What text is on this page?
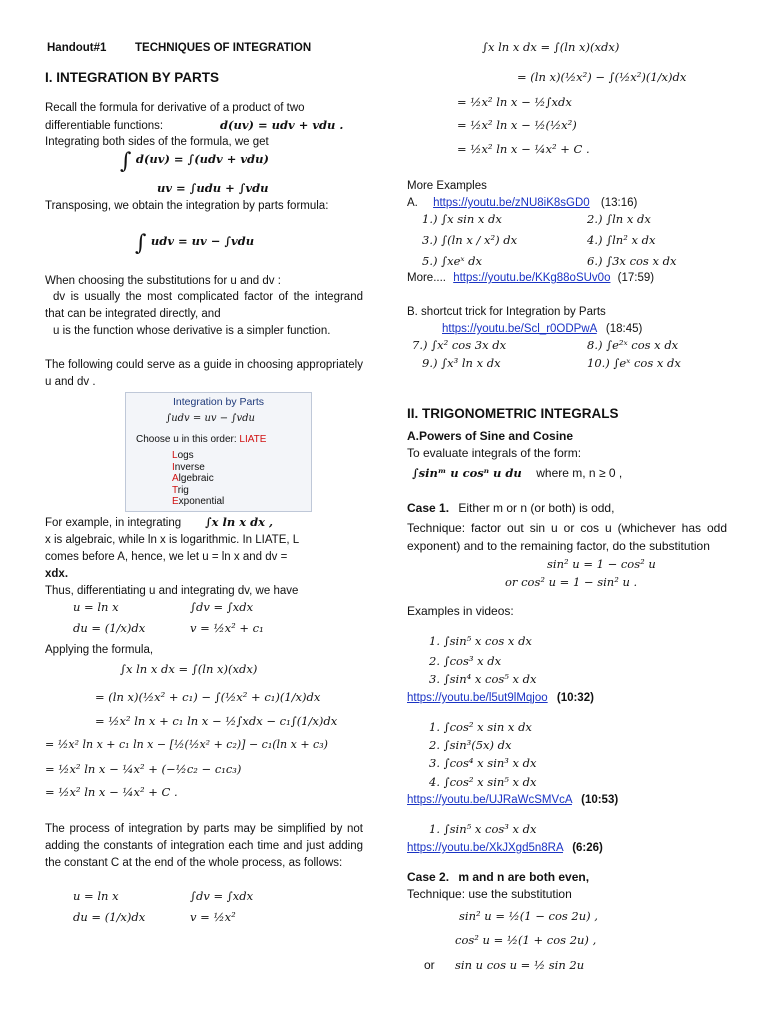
Handout#1 TECHNIQUES OF INTEGRATION
I. INTEGRATION BY PARTS
Recall the formula for derivative of a product of two
differentiable functions:	d(uv) = udv + vdu .
Integrating both sides of the formula, we get
∫ d(uv) = ∫(udv + vdu)
uv = ∫udu + ∫vdu
Transposing, we obtain the integration by parts formula:
∫ udv = uv − ∫vdu
When choosing the substitutions for u and dv :
dv is usually the most complicated factor of the integrand that can be integrated directly, and
u is the function whose derivative is a simpler function.
The following could serve as a guide in choosing appropriately u and dv .
Integration by Parts
∫udv = uv − ∫vdu
Choose u in this order: LIATE
Logs
Inverse
Algebraic
Trig
Exponential
For example, in integrating ∫x ln x dx ,
x is algebraic, while ln x is logarithmic. In LIATE, L
comes before A, hence, we let u = ln x and dv =
xdx.
Thus, differentiating u and integrating dv, we have
u = ln x	∫dv = ∫xdx
du = (1/x)dx	v = ½x² + c₁
Applying the formula,
∫x ln x dx = ∫(ln x)(xdx)
= (ln x)(½x² + c₁) − ∫(½x² + c₁)(1/x)dx
= ½x² ln x + c₁ ln x − ½∫xdx − c₁∫(1/x)dx
= ½x² ln x + c₁ ln x − [½(½x² + c₂)] − c₁(ln x + c₃)
= ½x² ln x − ¼x² + (−½c₂ − c₁c₃)
= ½x² ln x − ¼x² + C .
The process of integration by parts may be simplified by not adding the constants of integration each time and just adding the constant C at the end of the whole process, as follows:
u = ln x	∫dv = ∫xdx
du = (1/x)dx	v = ½x²
∫x ln x dx = ∫(ln x)(xdx)
= (ln x)(½x²) − ∫(½x²)(1/x)dx
= ½x² ln x − ½∫xdx
= ½x² ln x − ½(½x²)
= ½x² ln x − ¼x² + C .
More Examples
A. https://youtu.be/zNU8iK8sGD0 (13:16)
1.) ∫x sin x dx	2.) ∫ln x dx
3.) ∫(ln x / x²) dx	4.) ∫ln² x dx
5.) ∫xeˣ dx	6.) ∫3x cos x dx
More.... https://youtu.be/KKg88oSUv0o (17:59)
B. shortcut trick for Integration by Parts
https://youtu.be/Scl_r0ODPwA (18:45)
7.) ∫x² cos 3x dx	8.) ∫e²ˣ cos x dx
9.) ∫x³ ln x dx	10.) ∫eˣ cos x dx
II. TRIGONOMETRIC INTEGRALS
A.Powers of Sine and Cosine
To evaluate integrals of the form:
∫sinᵐ u cosⁿ u du where m, n ≥ 0 ,
Case 1. Either m or n (or both) is odd,
Technique: factor out sin u or cos u (whichever has odd exponent) and to the remaining factor, do the substitution
sin² u = 1 − cos² u
or cos² u = 1 − sin² u .
Examples in videos:
1. ∫sin⁵ x cos x dx
2. ∫cos³ x dx
3. ∫sin⁴ x cos⁵ x dx
https://youtu.be/l5ut9lMqjoo (10:32)
1. ∫cos² x sin x dx
2. ∫sin³(5x) dx
3. ∫cos⁴ x sin³ x dx
4. ∫cos² x sin⁵ x dx
https://youtu.be/UJRaWcSMVcA (10:53)
1. ∫sin⁵ x cos³ x dx
https://youtu.be/XkJXgd5n8RA (6:26)
Case 2. m and n are both even,
Technique: use the substitution
sin² u = ½(1 − cos 2u) ,
cos² u = ½(1 + cos 2u) ,
or sin u cos u = ½ sin 2u
